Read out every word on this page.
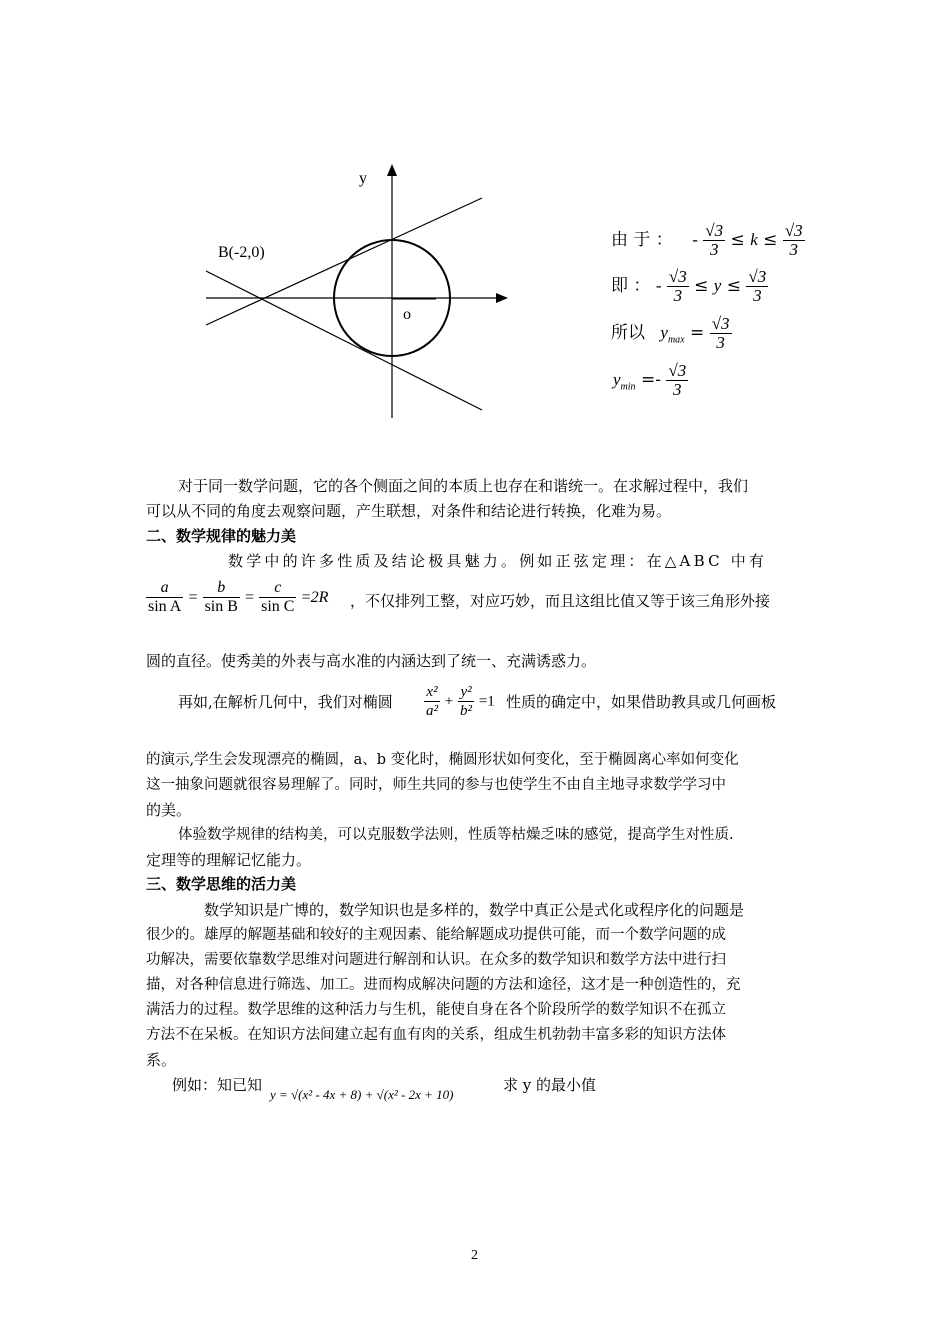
y
B(-2,0)
o
由 于 ： - $\frac{√3}{3} \le k \le \frac{√3}{3}$
即 ： - $\frac{√3}{3} \le y \le \frac{√3}{3}$
所以 $y_{max} = \frac{√3}{3}$
$y_{min} =- \frac{√3}{3}$
对于同一数学问题，它的各个侧面之间的本质上也存在和谐统一。在求解过程中，我们
可以从不同的角度去观察问题，产生联想，对条件和结论进行转换，化难为易。
二、数学规律的魅力美
数学中的许多性质及结论极具魅力。例如正弦定理：在△ABC 中有
$\frac{a}{\text{sin A}} = \frac{b}{\text{sin B}} = \frac{c}{\text{sin C}} =2R$ ，不仅排列工整，对应巧妙，而且这组比值又等于该三角形外接
圆的直径。使秀美的外表与高水准的内涵达到了统一、充满诱惑力。
再如,在解析几何中，我们对椭圆 $\frac{\text{x²}}{\text{a²}} + \frac{\text{y²}}{\text{b²}} =1$ 性质的确定中，如果借助教具或几何画板
的演示,学生会发现漂亮的椭圆，a、b 变化时，椭圆形状如何变化，至于椭圆离心率如何变化
这一抽象问题就很容易理解了。同时，师生共同的参与也使学生不由自主地寻求数学学习中
的美。
体验数学规律的结构美，可以克服数学法则，性质等枯燥乏味的感觉，提高学生对性质.
定理等的理解记忆能力。
三、数学思维的活力美
数学知识是广博的，数学知识也是多样的，数学中真正公是式化或程序化的问题是
很少的。雄厚的解题基础和较好的主观因素、能给解题成功提供可能，而一个数学问题的成
功解决，需要依靠数学思维对问题进行解剖和认识。在众多的数学知识和数学方法中进行扫
描，对各种信息进行筛选、加工。进而构成解决问题的方法和途径，这才是一种创造性的，充
满活力的过程。数学思维的这种活力与生机，能使自身在各个阶段所学的数学知识不在孤立
方法不在呆板。在知识方法间建立起有血有肉的关系，组成生机勃勃丰富多彩的知识方法体
系。
例如：知已知
y = √(x² - 4x + 8) + √(x² - 2x + 10)
求 y 的最小值
2
